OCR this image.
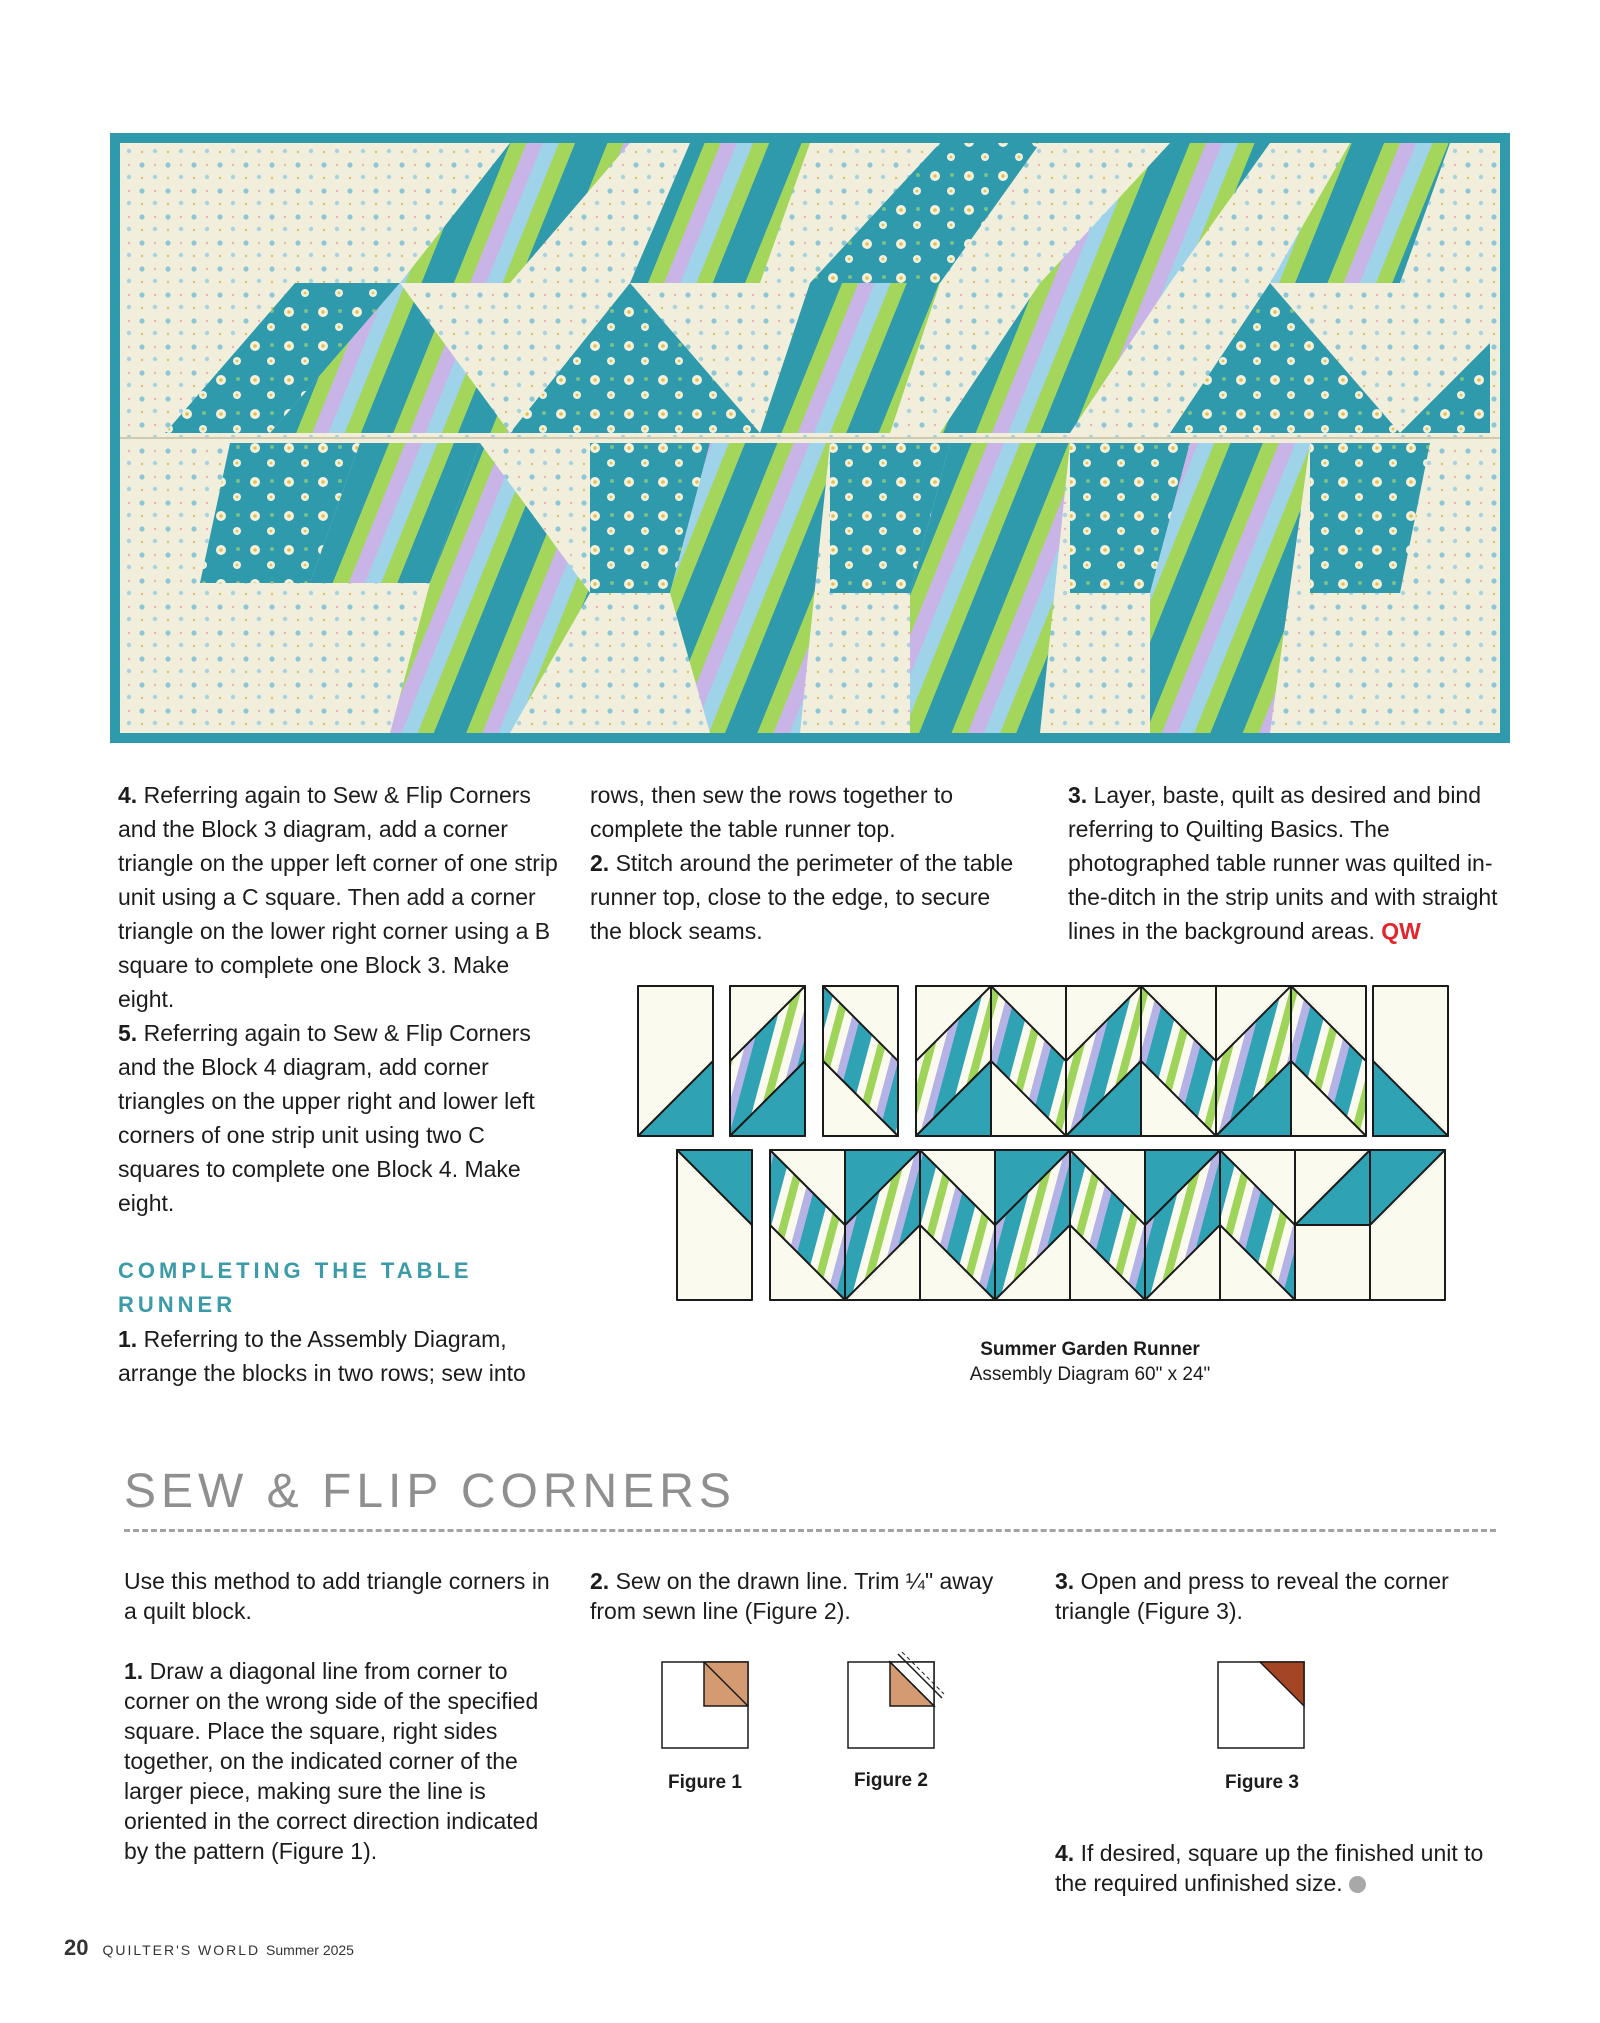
4. Referring again to Sew & Flip Corners and the Block 3 diagram, add a corner triangle on the upper left corner of one strip unit using a C square. Then add a corner triangle on the lower right corner using a B square to complete one Block 3. Make eight.

5. Referring again to Sew & Flip Corners and the Block 4 diagram, add corner triangles on the upper right and lower left corners of one strip unit using two C squares to complete one Block 4. Make eight.

COMPLETING THE TABLE RUNNER

1. Referring to the Assembly Diagram, arrange the blocks in two rows; sew into

rows, then sew the rows together to complete the table runner top.

2. Stitch around the perimeter of the table runner top, close to the edge, to secure the block seams.

3. Layer, baste, quilt as desired and bind referring to Quilting Basics. The photographed table runner was quilted in-the-ditch in the strip units and with straight lines in the background areas. QW

Summer Garden Runner
Assembly Diagram 60" x 24"
SEW & FLIP CORNERS

Use this method to add triangle corners in a quilt block.

1. Draw a diagonal line from corner to corner on the wrong side of the specified square. Place the square, right sides together, on the indicated corner of the larger piece, making sure the line is oriented in the correct direction indicated by the pattern (Figure 1).

2. Sew on the drawn line. Trim ¼" away from sewn line (Figure 2).

3. Open and press to reveal the corner triangle (Figure 3).

4. If desired, square up the finished unit to the required unfinished size.

Figure 1	Figure 2	Figure 3
20 QUILTER'S WORLD Summer 2025
